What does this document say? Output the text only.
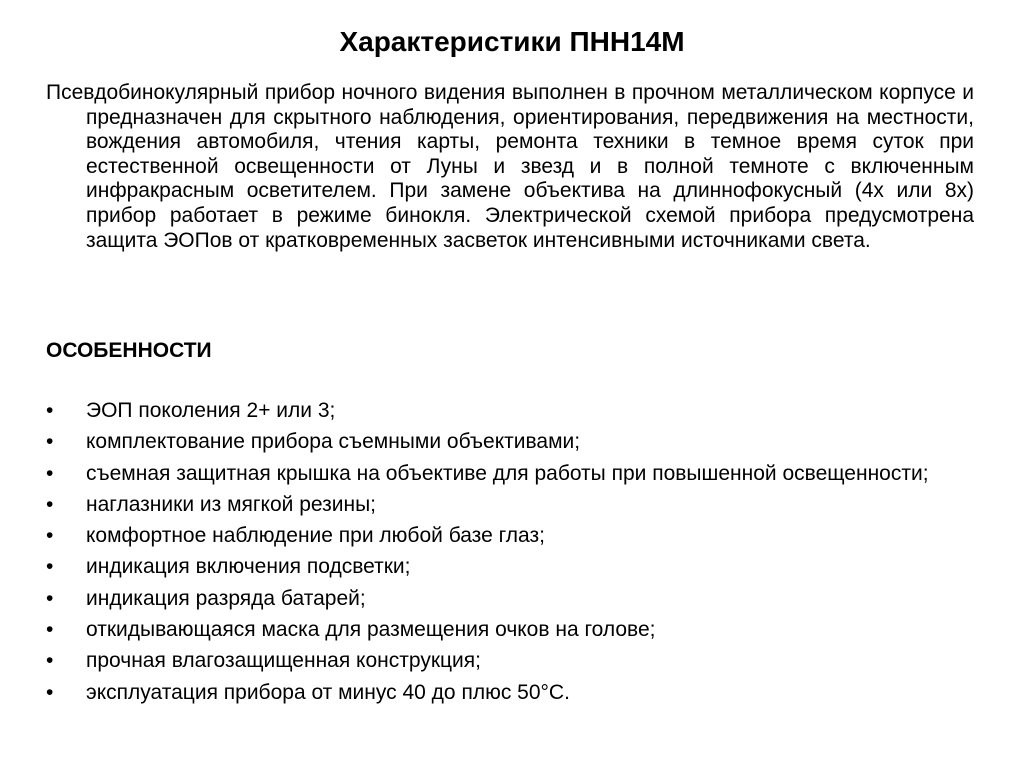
Характеристики ПНН14М

Псевдобинокулярный прибор ночного видения выполнен в прочном металлическом корпусе и предназначен для скрытного наблюдения, ориентирования, передвижения на местности, вождения автомобиля, чтения карты, ремонта техники в темное время суток при естественной освещенности от Луны и звезд и в полной темноте с включенным инфракрасным осветителем. При замене объектива на длиннофокусный (4х или 8х) прибор работает в режиме бинокля. Электрической схемой прибора предусмотрена защита ЭОПов от кратковременных засветок интенсивными источниками света.

ОСОБЕННОСТИ
• ЭОП поколения 2+ или 3;
• комплектование прибора съемными объективами;
• съемная защитная крышка на объективе для работы при повышенной освещенности;
• наглазники из мягкой резины;
• комфортное наблюдение при любой базе глаз;
• индикация включения подсветки;
• индикация разряда батарей;
• откидывающаяся маска для размещения очков на голове;
• прочная влагозащищенная конструкция;
• эксплуатация прибора от минус 40 до плюс 50°С.
